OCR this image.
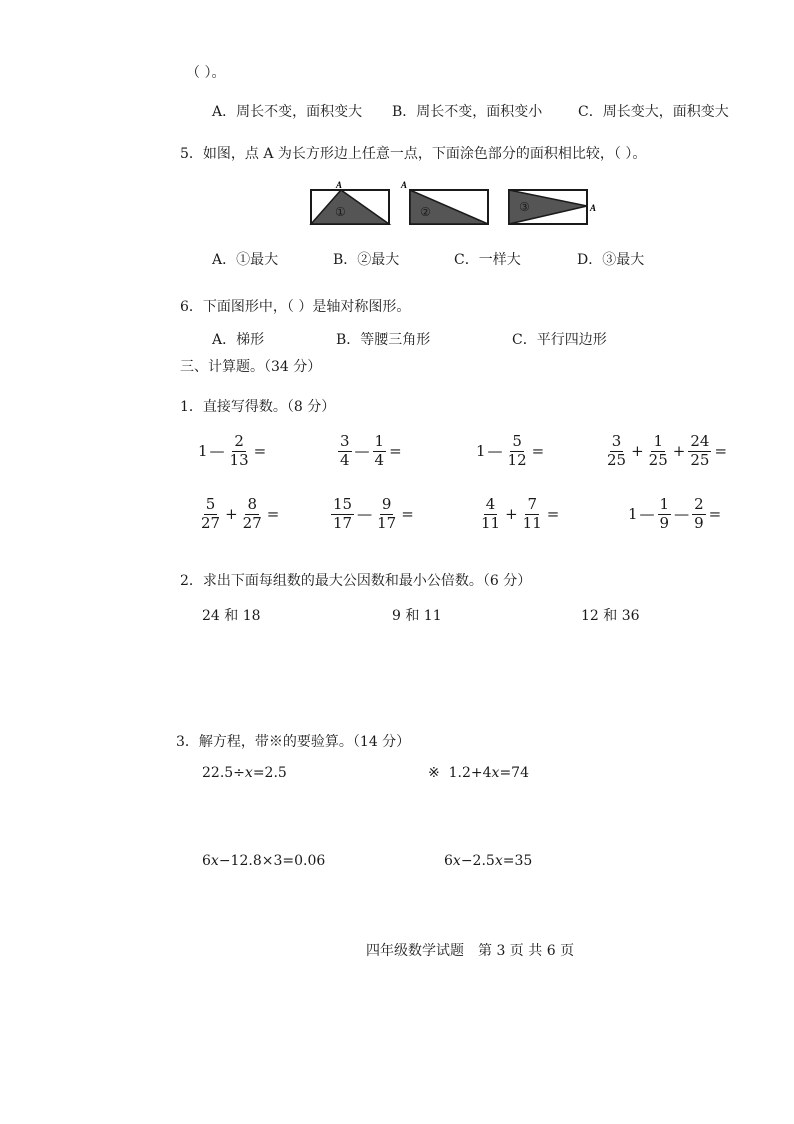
（ ）。
A．周长不变，面积变大 B．周长不变，面积变小	C．周长变大，面积变大
5．如图，点 A 为长方形边上任意一点，下面涂色部分的面积相比较，（ ）。
A
①
A
②	A
③
A．①最大	B．②最大	C．一样大	D．③最大
6．下面图形中，（ ）是轴对称图形。
A．梯形	B．等腰三角形	C．平行四边形
三、计算题。（34 分）
1．直接写得数。（8 分）
1 — $\frac{2}{13}$ =	$\frac{3}{4}$ — $\frac{1}{4}$ =	1 — $\frac{5}{12}$ =	$\frac{3}{25} + \frac{1}{25} + \frac{24}{25}$ =
$\frac{5}{27} + \frac{8}{27}$ =	$\frac{15}{17}$ — $\frac{9}{17}$ =	$\frac{4}{11} + \frac{7}{11}$ =	1 — $\frac{1}{9}$ — $\frac{2}{9}$ =
2．求出下面每组数的最大公因数和最小公倍数。（6 分）
24 和 18	9 和 11	12 和 36
3．解方程，带※的要验算。（14 分）
22.5÷x=2.5	※ 1.2+4x=74
6x−12.8×3=0.06	6x−2.5x=35
四年级数学试题　第 3 页 共 6 页
